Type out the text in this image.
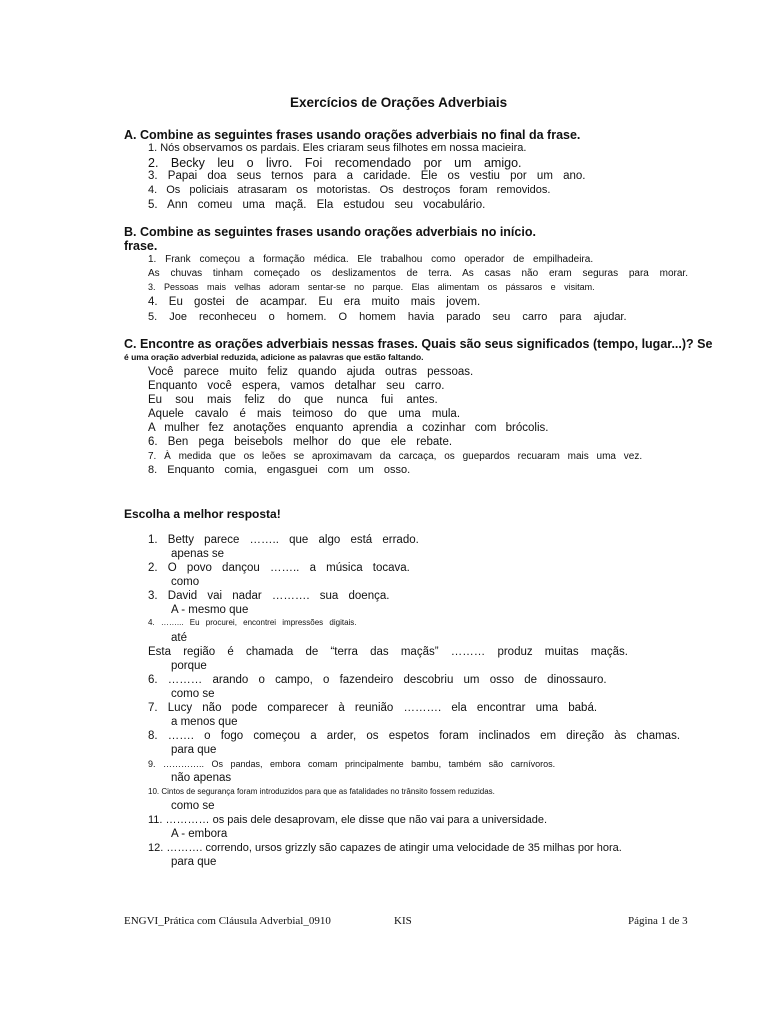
Exercícios de Orações Adverbiais
A. Combine as seguintes frases usando orações adverbiais no final da frase.
1. Nós observamos os pardais. Eles criaram seus filhotes em nossa macieira.
2. Becky leu o livro. Foi recomendado por um amigo.
3. Papai doa seus ternos para a caridade. Ele os vestiu por um ano.
4. Os policiais atrasaram os motoristas. Os destroços foram removidos.
5. Ann comeu uma maçã. Ela estudou seu vocabulário.
B. Combine as seguintes frases usando orações adverbiais no início.
frase.
1. Frank começou a formação médica. Ele trabalhou como operador de empilhadeira.
As chuvas tinham começado os deslizamentos de terra. As casas não eram seguras para morar.
3. Pessoas mais velhas adoram sentar-se no parque. Elas alimentam os pássaros e visitam.
4. Eu gostei de acampar. Eu era muito mais jovem.
5. Joe reconheceu o homem. O homem havia parado seu carro para ajudar.
C. Encontre as orações adverbiais nessas frases. Quais são seus significados (tempo, lugar...)? Se
é uma oração adverbial reduzida, adicione as palavras que estão faltando.
Você parece muito feliz quando ajuda outras pessoas.
Enquanto você espera, vamos detalhar seu carro.
Eu sou mais feliz do que nunca fui antes.
Aquele cavalo é mais teimoso do que uma mula.
A mulher fez anotações enquanto aprendia a cozinhar com brócolis.
6. Ben pega beisebols melhor do que ele rebate.
7. À medida que os leões se aproximavam da carcaça, os guepardos recuaram mais uma vez.
8. Enquanto comia, engasguei com um osso.
Escolha a melhor resposta!
1. Betty parece …….. que algo está errado.
apenas se
2. O povo dançou …….. a música tocava.
como
3. David vai nadar ………. sua doença.
A - mesmo que
4. ……... Eu procurei, encontrei impressões digitais.
até
Esta região é chamada de “terra das maçãs” ……… produz muitas maçãs.
porque
6. ……… arando o campo, o fazendeiro descobriu um osso de dinossauro.
como se
7. Lucy não pode comparecer à reunião ………. ela encontrar uma babá.
a menos que
8. ……. o fogo começou a arder, os espetos foram inclinados em direção às chamas.
para que
9. ………….. Os pandas, embora comam principalmente bambu, também são carnívoros.
não apenas
10. Cintos de segurança foram introduzidos para que as fatalidades no trânsito fossem reduzidas.
como se
11. ………… os pais dele desaprovam, ele disse que não vai para a universidade.
A - embora
12. ………. correndo, ursos grizzly são capazes de atingir uma velocidade de 35 milhas por hora.
para que
ENGVI_Prática com Cláusula Adverbial_0910	KIS	Página 1 de 3
